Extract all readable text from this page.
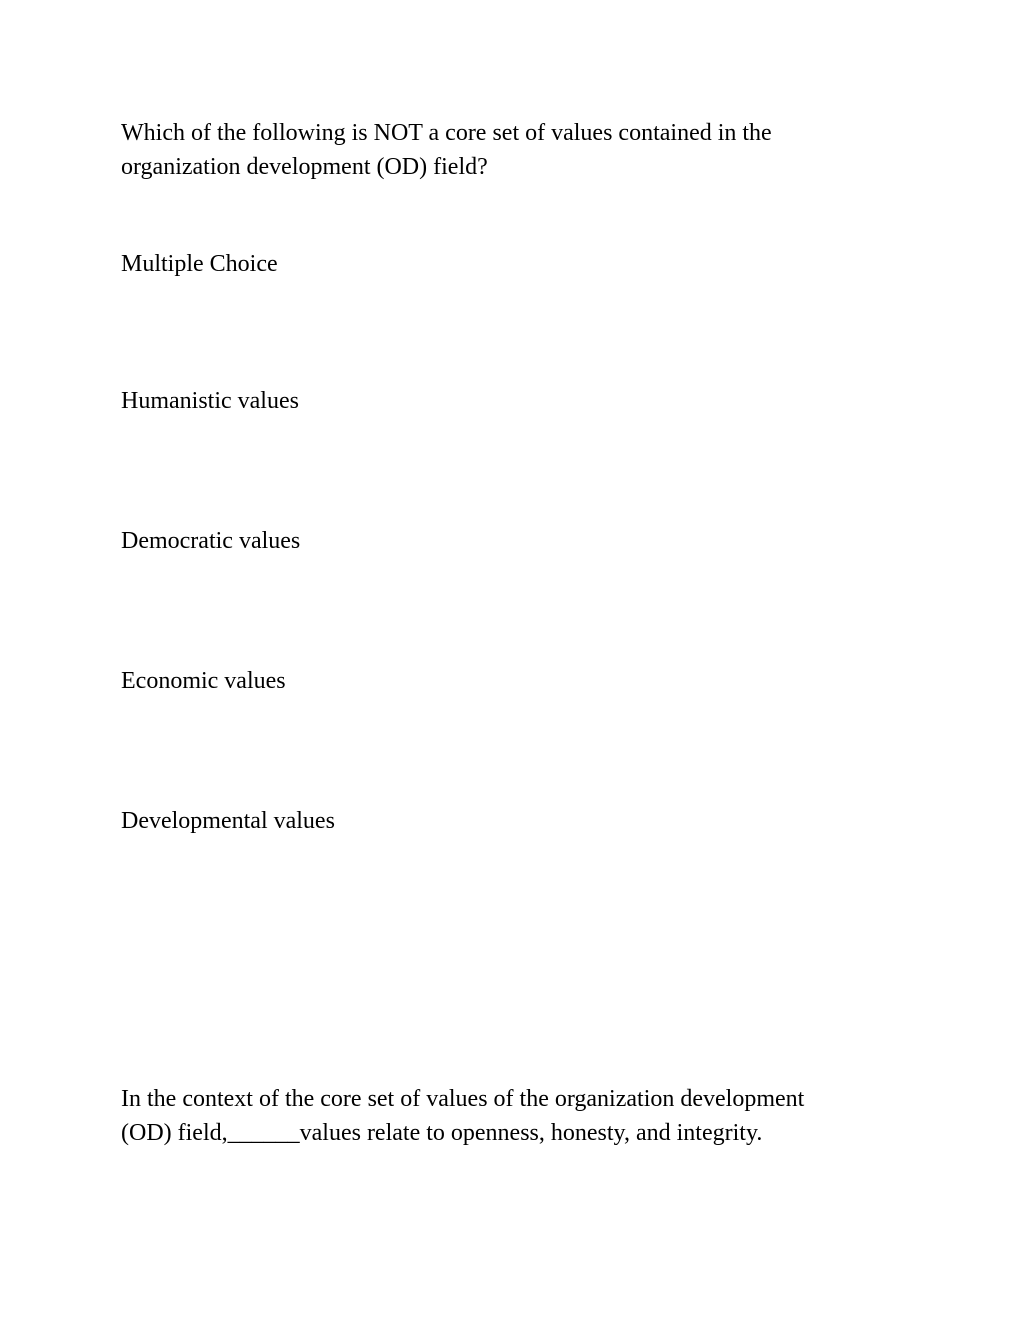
Which of the following is NOT a core set of values contained in the
organization development (OD) field?

Multiple Choice

Humanistic values

Democratic values

Economic values

Developmental values

In the context of the core set of values of the organization development
(OD) field,______values relate to openness, honesty, and integrity.
